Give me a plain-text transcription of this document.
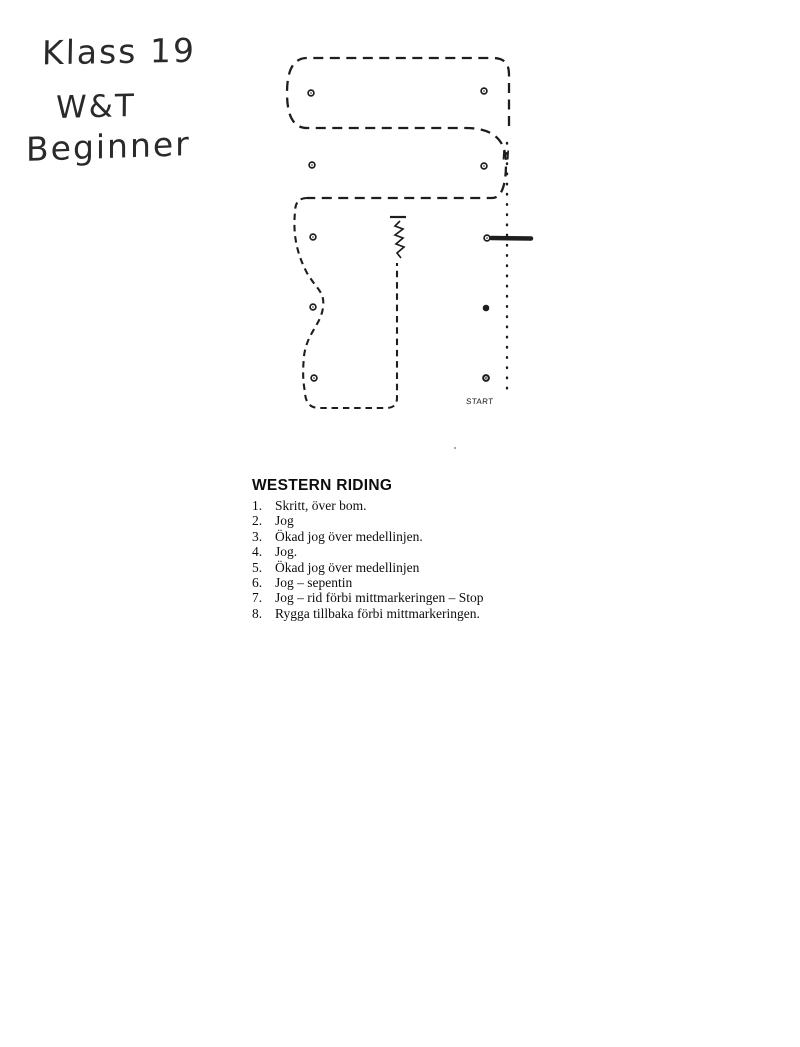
Klass 19
W&T
Beginner
START
WESTERN RIDING
1. Skritt, över bom.
2. Jog
3. Ökad jog över medellinjen.
4. Jog.
5. Ökad jog över medellinjen
6. Jog – sepentin
7. Jog – rid förbi mittmarkeringen – Stop
8. Rygga tillbaka förbi mittmarkeringen.
